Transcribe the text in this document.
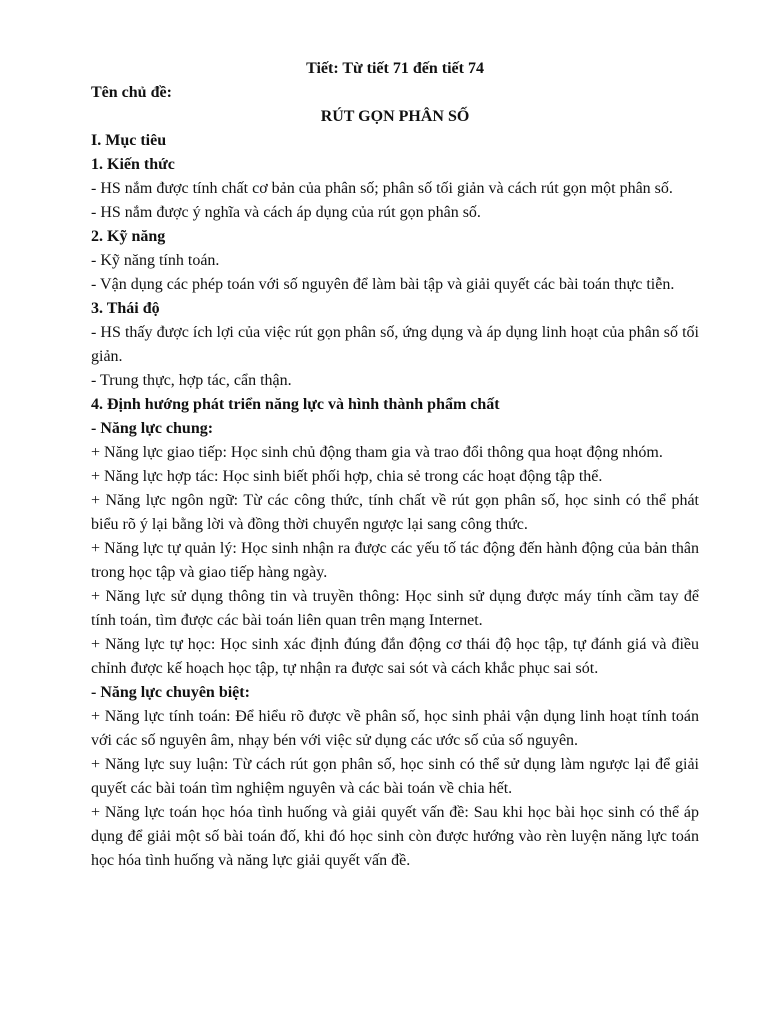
Tiết: Từ tiết 71 đến tiết 74

Tên chủ đề:

RÚT GỌN PHÂN SỐ

I. Mục tiêu

1. Kiến thức

- HS nắm được tính chất cơ bản của phân số; phân số tối giản và cách rút gọn một phân số.

- HS nắm được ý nghĩa và cách áp dụng của rút gọn phân số.

2. Kỹ năng

- Kỹ năng tính toán.

- Vận dụng các phép toán với số nguyên để làm bài tập và giải quyết các bài toán thực tiễn.

3. Thái độ

- HS thấy được ích lợi của việc rút gọn phân số, ứng dụng và áp dụng linh hoạt của phân số tối giản.

- Trung thực, hợp tác, cẩn thận.

4. Định hướng phát triển năng lực và hình thành phẩm chất

- Năng lực chung:

+ Năng lực giao tiếp: Học sinh chủ động tham gia và trao đổi thông qua hoạt động nhóm.

+ Năng lực hợp tác: Học sinh biết phối hợp, chia sẻ trong các hoạt động tập thể.

+ Năng lực ngôn ngữ: Từ các công thức, tính chất về rút gọn phân số, học sinh có thể phát biểu rõ ý lại bằng lời và đồng thời chuyển ngược lại sang công thức.

+ Năng lực tự quản lý: Học sinh nhận ra được các yếu tố tác động đến hành động của bản thân trong học tập và giao tiếp hàng ngày.

+ Năng lực sử dụng thông tin và truyền thông: Học sinh sử dụng được máy tính cầm tay để tính toán, tìm được các bài toán liên quan trên mạng Internet.

+ Năng lực tự học: Học sinh xác định đúng đắn động cơ thái độ học tập, tự đánh giá và điều chỉnh được kế hoạch học tập, tự nhận ra được sai sót và cách khắc phục sai sót.

- Năng lực chuyên biệt:

+ Năng lực tính toán: Để hiểu rõ được về phân số, học sinh phải vận dụng linh hoạt tính toán với các số nguyên âm, nhạy bén với việc sử dụng các ước số của số nguyên.

+ Năng lực suy luận: Từ cách rút gọn phân số, học sinh có thể sử dụng làm ngược lại để giải quyết các bài toán tìm nghiệm nguyên và các bài toán về chia hết.

+ Năng lực toán học hóa tình huống và giải quyết vấn đề: Sau khi học bài học sinh có thể áp dụng để giải một số bài toán đố, khi đó học sinh còn được hướng vào rèn luyện năng lực toán học hóa tình huống và năng lực giải quyết vấn đề.
